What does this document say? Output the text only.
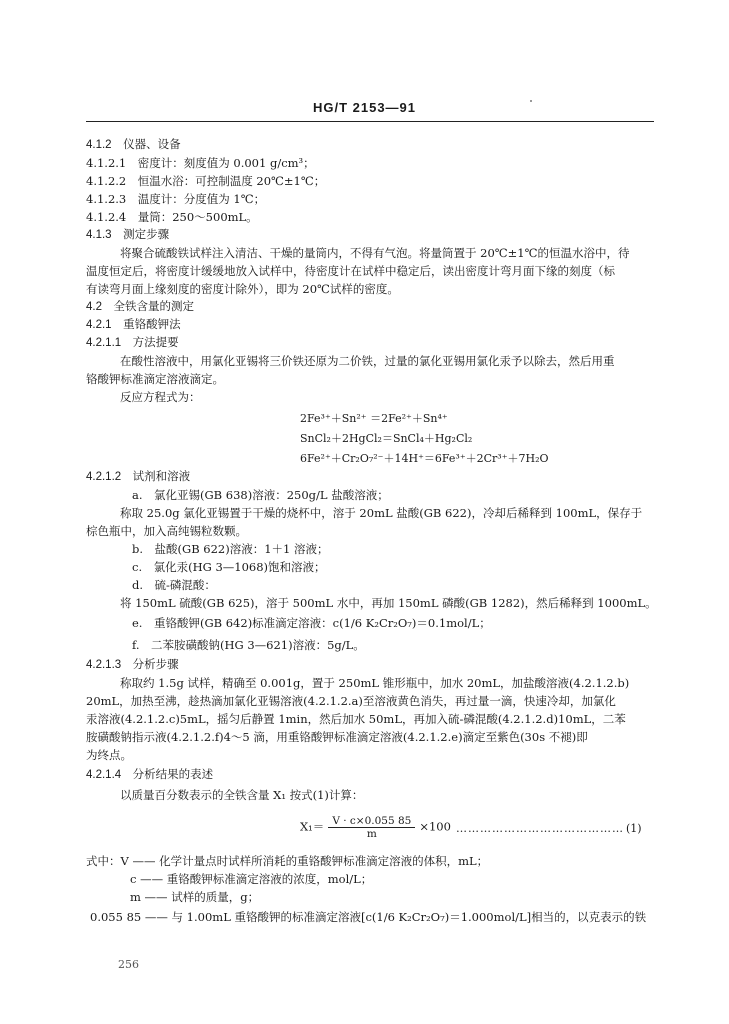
HG/T 2153—91
4.1.2　仪器、设备
4.1.2.1　密度计：刻度值为 0.001 g/cm³；
4.1.2.2　恒温水浴：可控制温度 20℃±1℃；
4.1.2.3　温度计：分度值为 1℃；
4.1.2.4　量筒：250～500mL。
4.1.3　测定步骤
将聚合硫酸铁试样注入清洁、干燥的量筒内，不得有气泡。将量筒置于 20℃±1℃的恒温水浴中，待
温度恒定后，将密度计缓缓地放入试样中，待密度计在试样中稳定后，读出密度计弯月面下缘的刻度（标
有读弯月面上缘刻度的密度计除外），即为 20℃试样的密度。
4.2　全铁含量的测定
4.2.1　重铬酸钾法
4.2.1.1　方法提要
在酸性溶液中，用氯化亚锡将三价铁还原为二价铁，过量的氯化亚锡用氯化汞予以除去，然后用重
铬酸钾标准滴定溶液滴定。
反应方程式为：
2Fe³⁺＋Sn²⁺ ＝2Fe²⁺＋Sn⁴⁺
SnCl₂＋2HgCl₂＝SnCl₄＋Hg₂Cl₂
6Fe²⁺＋Cr₂O₇²⁻＋14H⁺＝6Fe³⁺＋2Cr³⁺＋7H₂O
4.2.1.2　试剂和溶液
a.　氯化亚锡(GB 638)溶液：250g/L 盐酸溶液；
称取 25.0g 氯化亚锡置于干燥的烧杯中，溶于 20mL 盐酸(GB 622)，冷却后稀释到 100mL，保存于
棕色瓶中，加入高纯锡粒数颗。
b.　盐酸(GB 622)溶液：1＋1 溶液；
c.　氯化汞(HG 3—1068)饱和溶液；
d.　硫-磷混酸：
将 150mL 硫酸(GB 625)，溶于 500mL 水中，再加 150mL 磷酸(GB 1282)，然后稀释到 1000mL。
e.　重铬酸钾(GB 642)标准滴定溶液：c(1/6 K₂Cr₂O₇)＝0.1mol/L；
f.　二苯胺磺酸钠(HG 3—621)溶液：5g/L。
4.2.1.3　分析步骤
称取约 1.5g 试样，精确至 0.001g，置于 250mL 锥形瓶中，加水 20mL，加盐酸溶液(4.2.1.2.b)
20mL，加热至沸，趁热滴加氯化亚锡溶液(4.2.1.2.a)至溶液黄色消失，再过量一滴，快速冷却，加氯化
汞溶液(4.2.1.2.c)5mL，摇匀后静置 1min，然后加水 50mL，再加入硫-磷混酸(4.2.1.2.d)10mL，二苯
胺磺酸钠指示液(4.2.1.2.f)4～5 滴，用重铬酸钾标准滴定溶液(4.2.1.2.e)滴定至紫色(30s 不褪)即
为终点。
4.2.1.4　分析结果的表述
以质量百分数表示的全铁含量 X₁ 按式(1)计算：
$X_1= \frac{V \cdot c\times 0.055 85}{m} \times 100$ …………………………………… (1)
式中：V —— 化学计量点时试样所消耗的重铬酸钾标准滴定溶液的体积，mL；
c —— 重铬酸钾标准滴定溶液的浓度，mol/L；
m —— 试样的质量，g；
0.055 85 —— 与 1.00mL 重铬酸钾的标准滴定溶液[c(1/6 K₂Cr₂O₇)＝1.000mol/L]相当的，以克表示的铁
256
